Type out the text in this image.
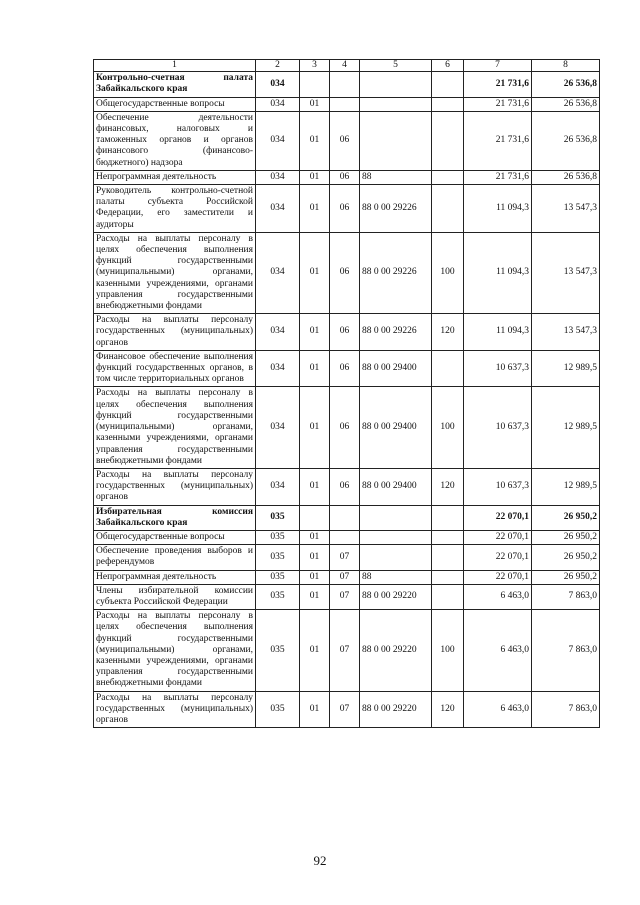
1	2	3	4	5	6	7	8
Контрольно-счетная палата Забайкальского края	034					21 731,6	26 536,8
Общегосударственные вопросы	034	01				21 731,6	26 536,8
Обеспечение деятельности финансовых, налоговых и таможенных органов и органов финансового (финансово-бюджетного) надзора	034	01	06			21 731,6	26 536,8
Непрограммная деятельность	034	01	06	88		21 731,6	26 536,8
Руководитель контрольно-счетной палаты субъекта Российской Федерации, его заместители и аудиторы	034	01	06	88 0 00 29226		11 094,3	13 547,3
Расходы на выплаты персоналу в целях обеспечения выполнения функций государственными (муниципальными) органами, казенными учреждениями, органами управления государственными внебюджетными фондами	034	01	06	88 0 00 29226	100	11 094,3	13 547,3
Расходы на выплаты персоналу государственных (муниципальных) органов	034	01	06	88 0 00 29226	120	11 094,3	13 547,3
Финансовое обеспечение выполнения функций государственных органов, в том числе территориальных органов	034	01	06	88 0 00 29400		10 637,3	12 989,5
Расходы на выплаты персоналу в целях обеспечения выполнения функций государственными (муниципальными) органами, казенными учреждениями, органами управления государственными внебюджетными фондами	034	01	06	88 0 00 29400	100	10 637,3	12 989,5
Расходы на выплаты персоналу государственных (муниципальных) органов	034	01	06	88 0 00 29400	120	10 637,3	12 989,5
Избирательная комиссия Забайкальского края	035					22 070,1	26 950,2
Общегосударственные вопросы	035	01				22 070,1	26 950,2
Обеспечение проведения выборов и референдумов	035	01	07			22 070,1	26 950,2
Непрограммная деятельность	035	01	07	88		22 070,1	26 950,2
Члены избирательной комиссии субъекта Российской Федерации	035	01	07	88 0 00 29220		6 463,0	7 863,0
Расходы на выплаты персоналу в целях обеспечения выполнения функций государственными (муниципальными) органами, казенными учреждениями, органами управления государственными внебюджетными фондами	035	01	07	88 0 00 29220	100	6 463,0	7 863,0
Расходы на выплаты персоналу государственных (муниципальных) органов	035	01	07	88 0 00 29220	120	6 463,0	7 863,0
92
